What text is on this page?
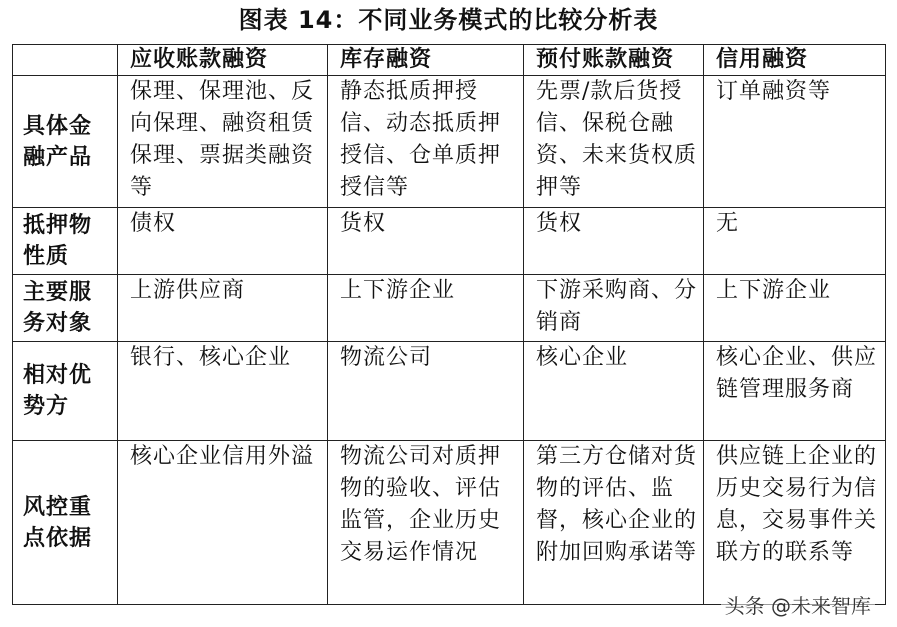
图表 14：不同业务模式的比较分析表
	应收账款融资	库存融资	预付账款融资	信用融资
具体金融产品	保理、保理池、反向保理、融资租赁保理、票据类融资等	静态抵质押授信、动态抵质押授信、仓单质押授信等	先票/款后货授信、保税仓融资、未来货权质押等	订单融资等
抵押物性质	债权	货权	货权	无
主要服务对象	上游供应商	上下游企业	下游采购商、分销商	上下游企业
相对优势方	银行、核心企业	物流公司	核心企业	核心企业、供应链管理服务商
风控重点依据	核心企业信用外溢	物流公司对质押物的验收、评估监管，企业历史交易运作情况	第三方仓储对货物的评估、监督，核心企业的附加回购承诺等	供应链上企业的历史交易行为信息，交易事件关联方的联系等
头条 @未来智库
